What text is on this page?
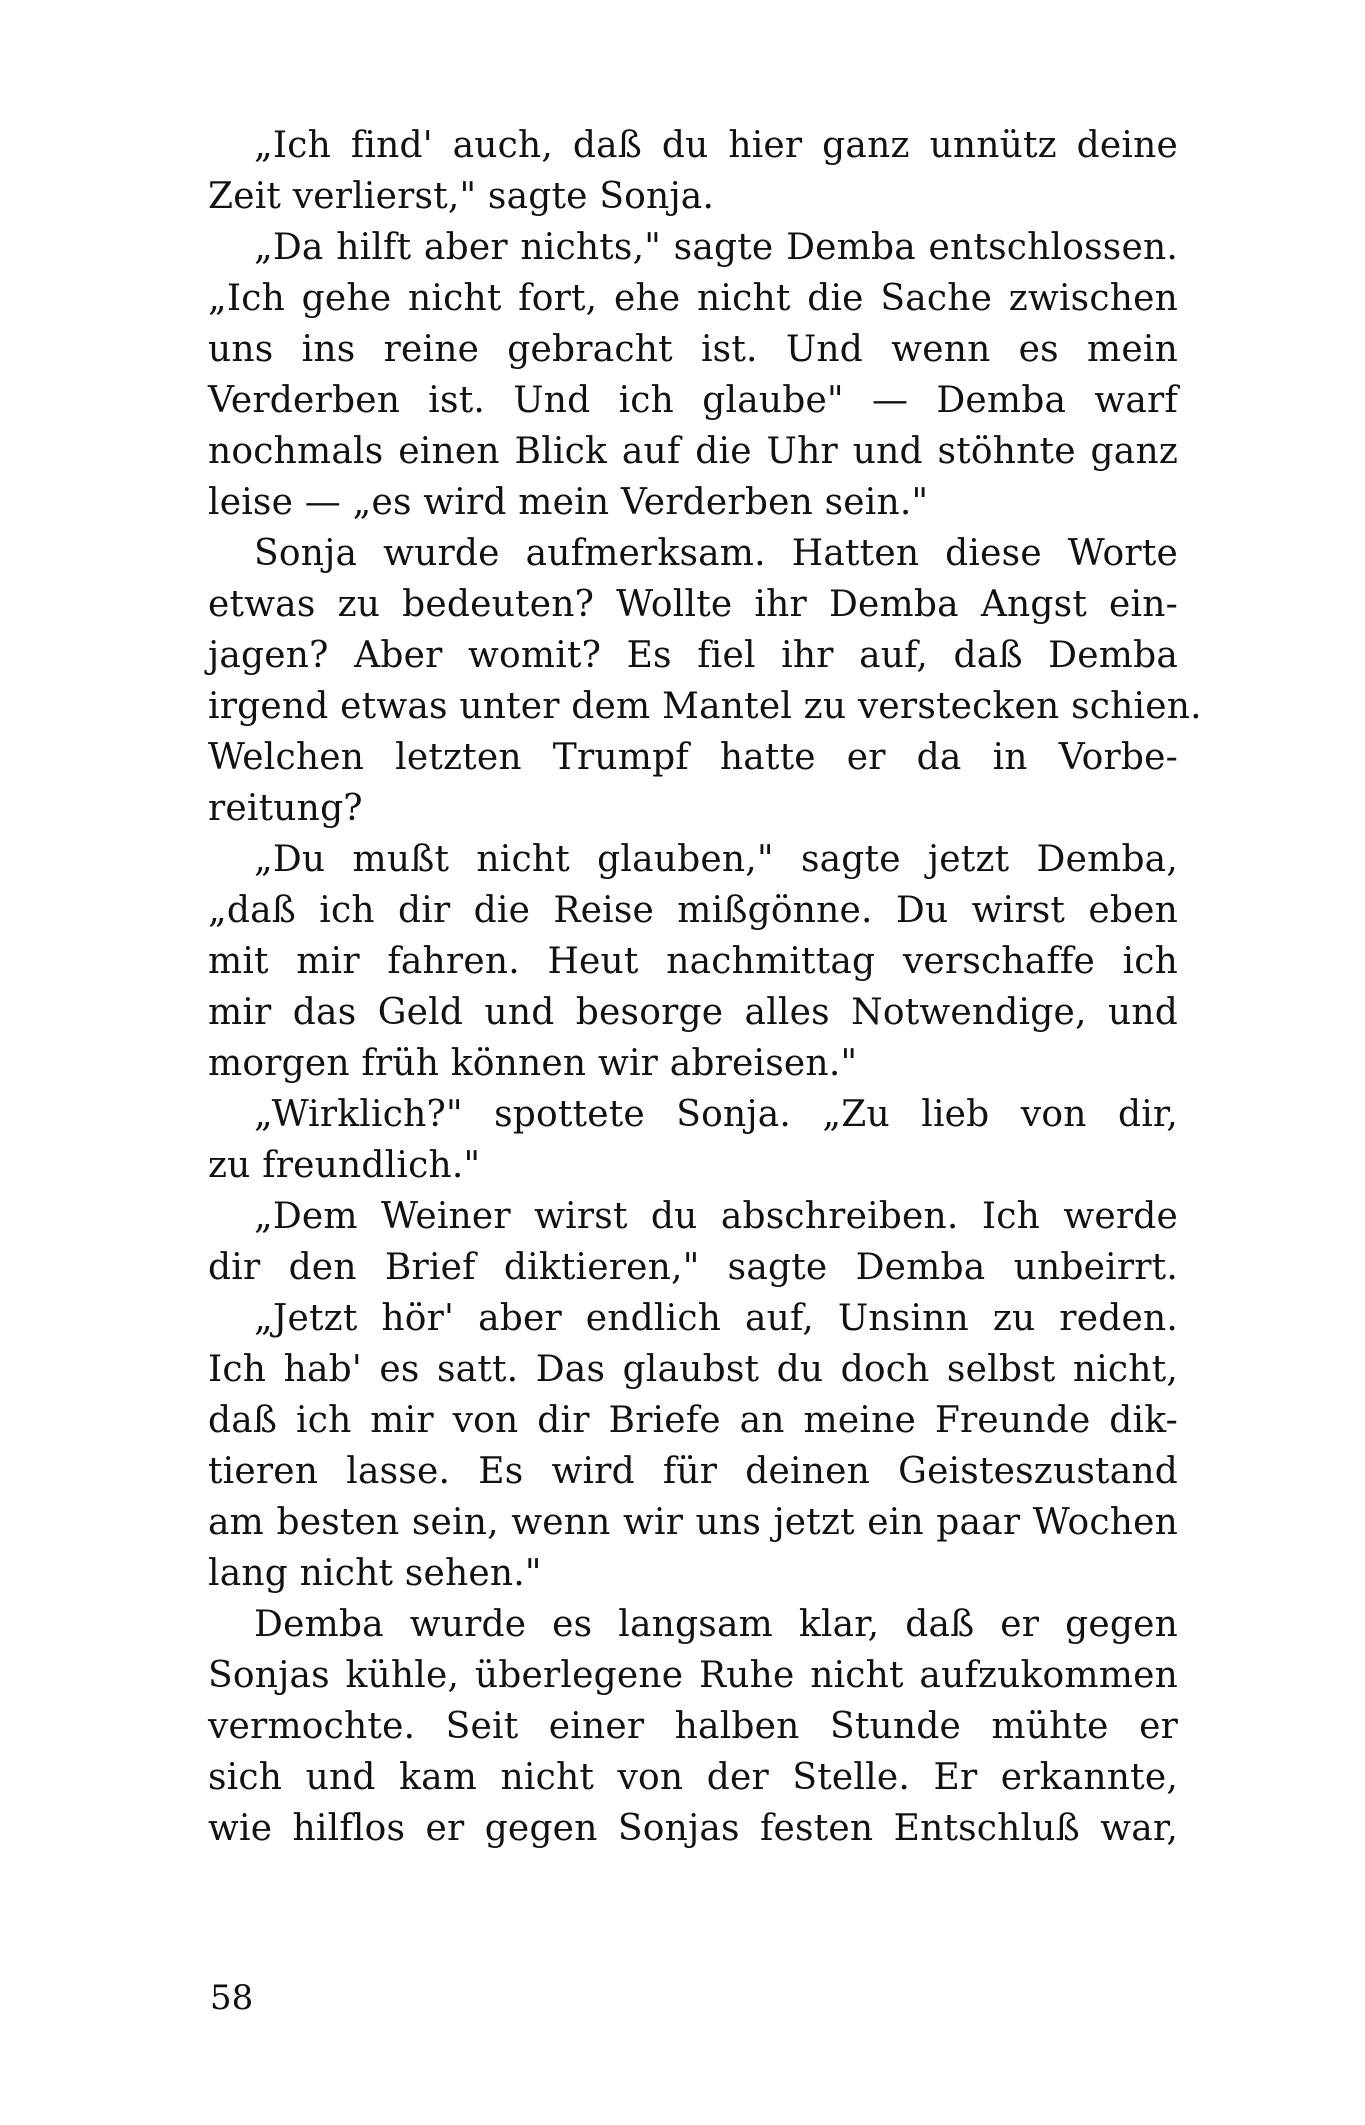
„Ich find' auch, daß du hier ganz unnütz deine
Zeit verlierst," sagte Sonja.
„Da hilft aber nichts," sagte Demba entschlossen.
„Ich gehe nicht fort, ehe nicht die Sache zwischen
uns ins reine gebracht ist. Und wenn es mein
Verderben ist. Und ich glaube" — Demba warf
nochmals einen Blick auf die Uhr und stöhnte ganz
leise — „es wird mein Verderben sein."
Sonja wurde aufmerksam. Hatten diese Worte
etwas zu bedeuten? Wollte ihr Demba Angst ein-
jagen? Aber womit? Es fiel ihr auf, daß Demba
irgend etwas unter dem Mantel zu verstecken schien.
Welchen letzten Trumpf hatte er da in Vorbe-
reitung?
„Du mußt nicht glauben," sagte jetzt Demba,
„daß ich dir die Reise mißgönne. Du wirst eben
mit mir fahren. Heut nachmittag verschaffe ich
mir das Geld und besorge alles Notwendige, und
morgen früh können wir abreisen."
„Wirklich?" spottete Sonja. „Zu lieb von dir,
zu freundlich."
„Dem Weiner wirst du abschreiben. Ich werde
dir den Brief diktieren," sagte Demba unbeirrt.
„Jetzt hör' aber endlich auf, Unsinn zu reden.
Ich hab' es satt. Das glaubst du doch selbst nicht,
daß ich mir von dir Briefe an meine Freunde dik-
tieren lasse. Es wird für deinen Geisteszustand
am besten sein, wenn wir uns jetzt ein paar Wochen
lang nicht sehen."
Demba wurde es langsam klar, daß er gegen
Sonjas kühle, überlegene Ruhe nicht aufzukommen
vermochte. Seit einer halben Stunde mühte er
sich und kam nicht von der Stelle. Er erkannte,
wie hilflos er gegen Sonjas festen Entschluß war,
58
